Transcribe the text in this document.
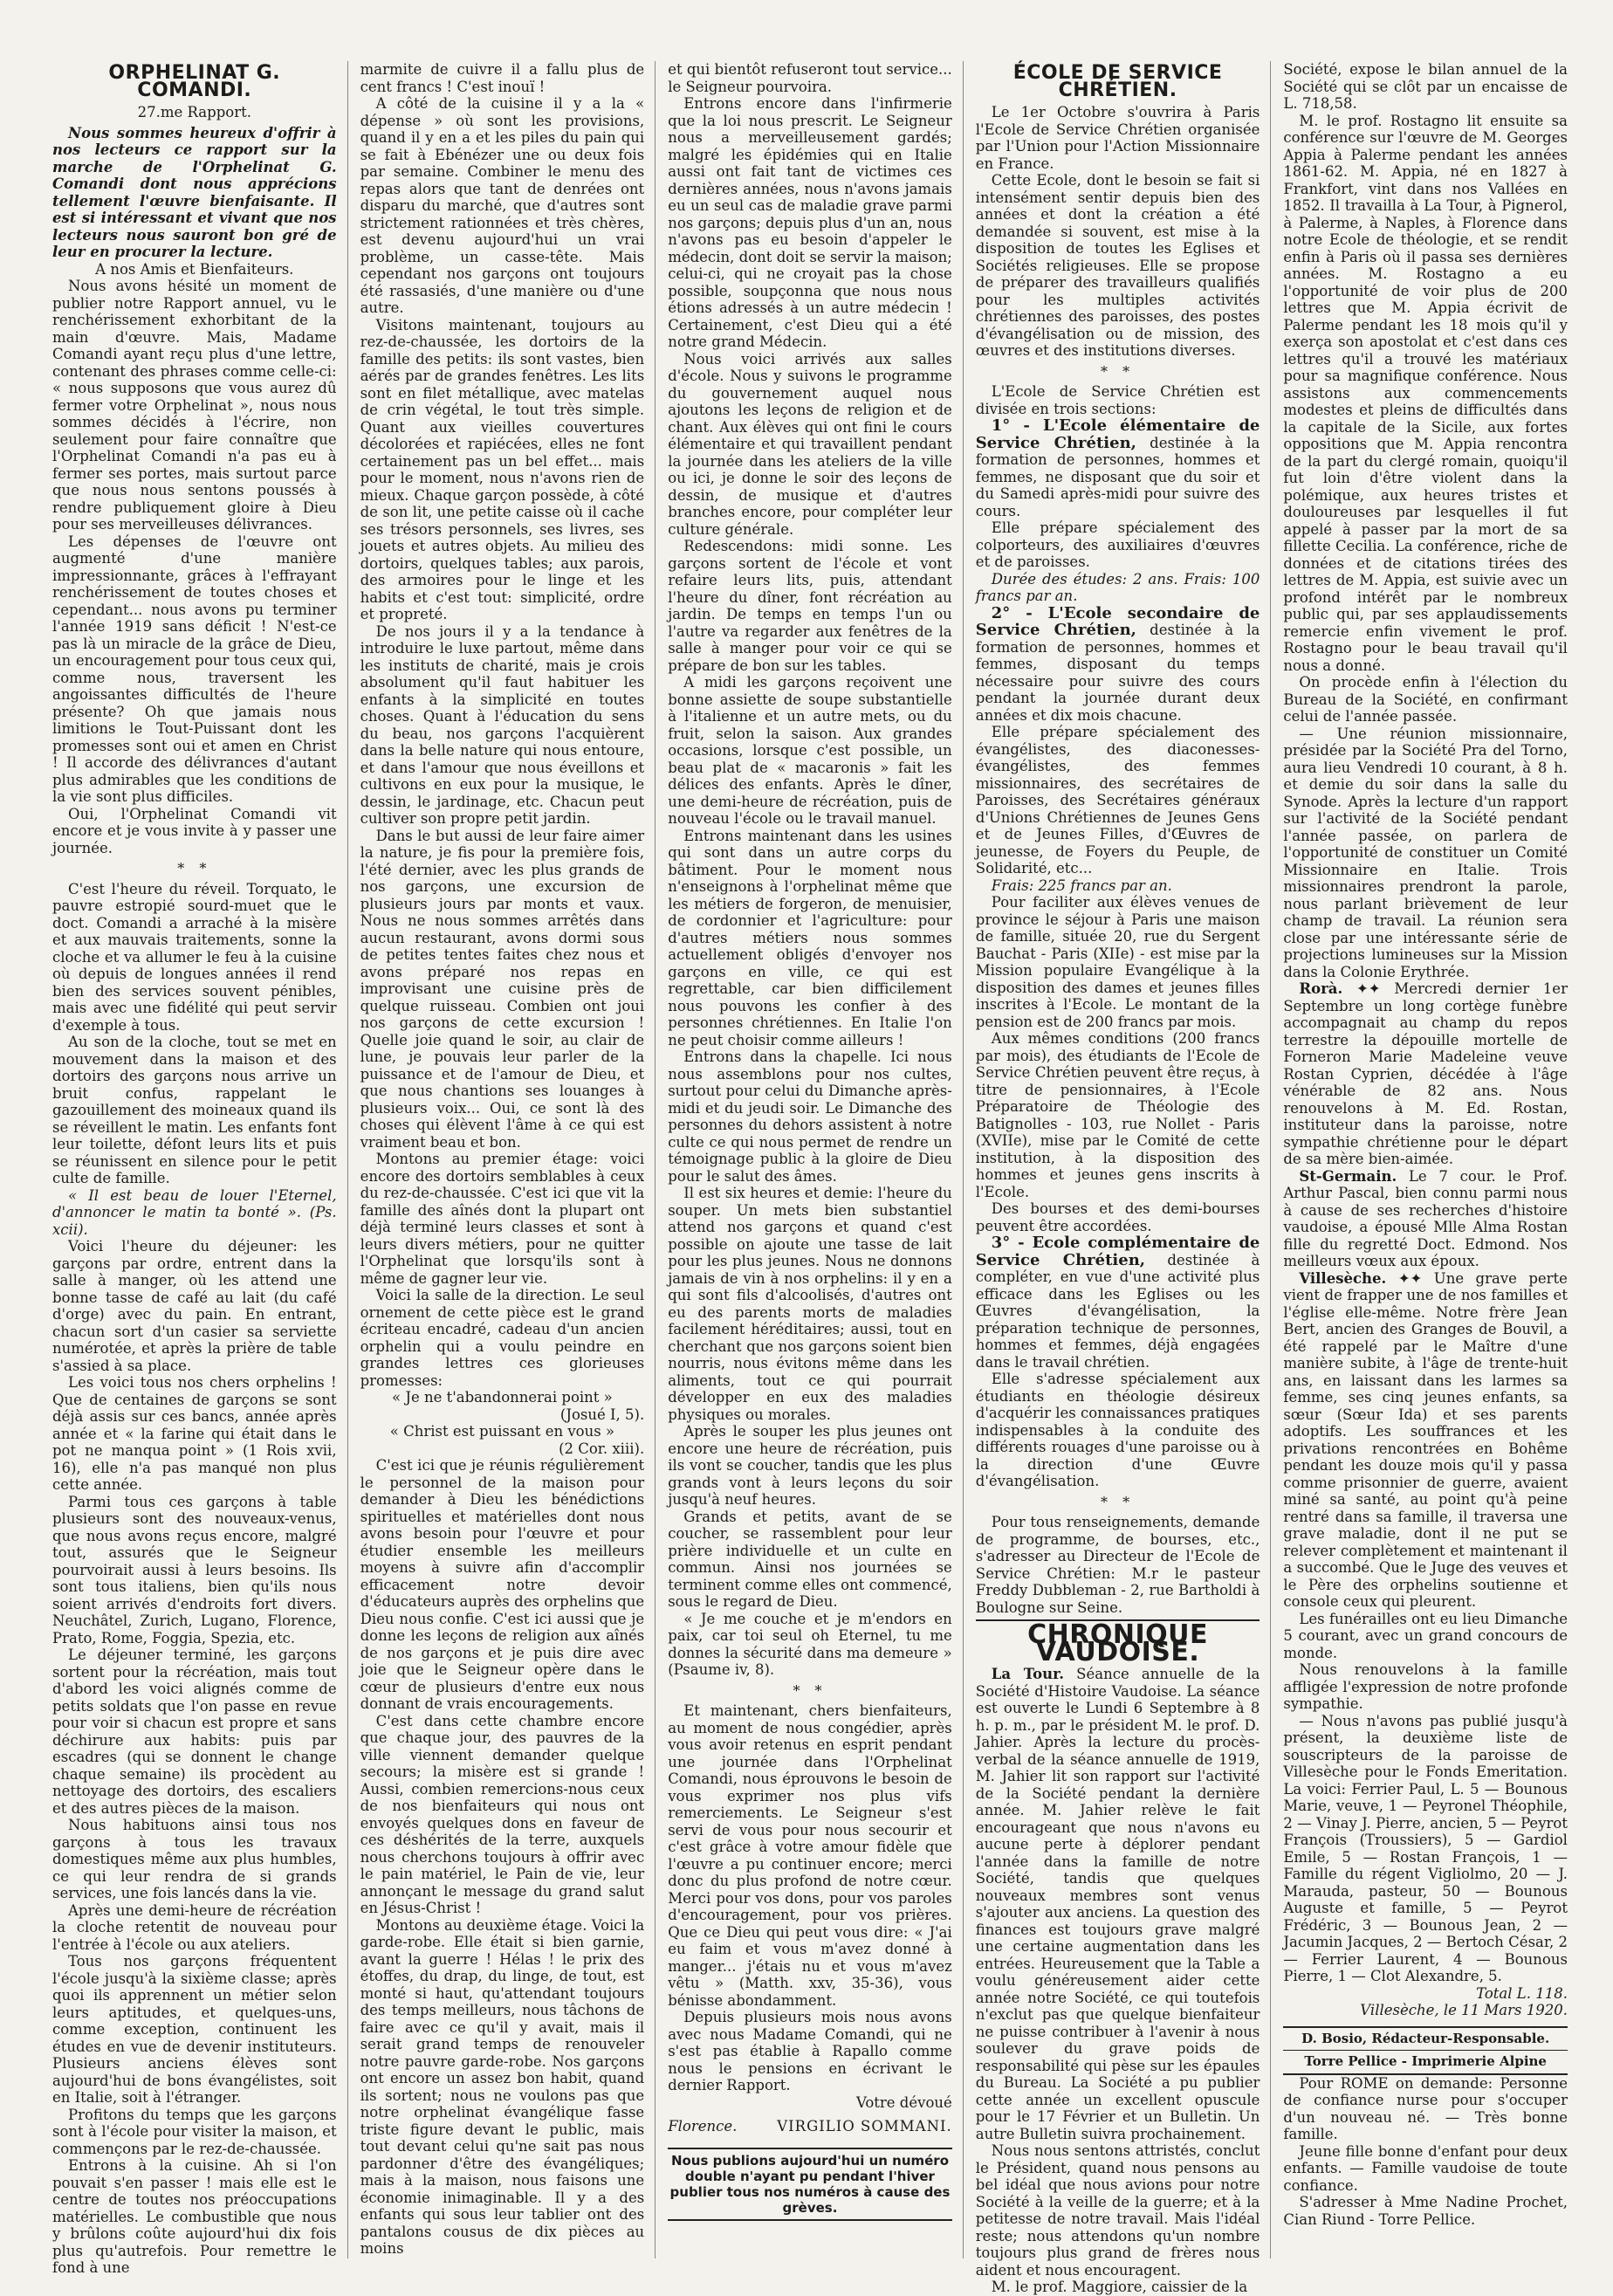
ORPHELINAT G. COMANDI.
27.me Rapport.

Nous sommes heureux d'offrir à nos lecteurs ce rapport sur la marche de l'Orphelinat G. Comandi dont nous apprécions tellement l'œuvre bienfaisante. Il est si intéressant et vivant que nos lecteurs nous sauront bon gré de leur en procurer la lecture.

A nos Amis et Bienfaiteurs.

Nous avons hésité un moment de publier notre Rapport annuel, vu le renchérissement exhorbitant de la main d'œuvre. Mais, Madame Comandi ayant reçu plus d'une lettre, contenant des phrases comme celle-ci: « nous supposons que vous aurez dû fermer votre Orphelinat », nous nous sommes décidés à l'écrire, non seulement pour faire connaître que l'Orphelinat Comandi n'a pas eu à fermer ses portes, mais surtout parce que nous nous sentons poussés à rendre publiquement gloire à Dieu pour ses merveilleuses délivrances.

Les dépenses de l'œuvre ont augmenté d'une manière impressionnante, grâces à l'effrayant renchérissement de toutes choses et cependant... nous avons pu terminer l'année 1919 sans déficit ! N'est-ce pas là un miracle de la grâce de Dieu, un encouragement pour tous ceux qui, comme nous, traversent les angoissantes difficultés de l'heure présente? Oh que jamais nous limitions le Tout-Puissant dont les promesses sont oui et amen en Christ ! Il accorde des délivrances d'autant plus admirables que les conditions de la vie sont plus difficiles.

Oui, l'Orphelinat Comandi vit encore et je vous invite à y passer une journée.

* *

C'est l'heure du réveil. Torquato, le pauvre estropié sourd-muet que le doct. Comandi a arraché à la misère et aux mauvais traitements, sonne la cloche et va allumer le feu à la cuisine où depuis de longues années il rend bien des services souvent pénibles, mais avec une fidélité qui peut servir d'exemple à tous.

Au son de la cloche, tout se met en mouvement dans la maison et des dortoirs des garçons nous arrive un bruit confus, rappelant le gazouillement des moineaux quand ils se réveillent le matin. Les enfants font leur toilette, défont leurs lits et puis se réunissent en silence pour le petit culte de famille.

« Il est beau de louer l'Eternel, d'annoncer le matin ta bonté ». (Ps. xcii).

Voici l'heure du déjeuner: les garçons par ordre, entrent dans la salle à manger, où les attend une bonne tasse de café au lait (du café d'orge) avec du pain. En entrant, chacun sort d'un casier sa serviette numérotée, et après la prière de table s'assied à sa place.

Les voici tous nos chers orphelins ! Que de centaines de garçons se sont déjà assis sur ces bancs, année après année et « la farine qui était dans le pot ne manqua point » (1 Rois xvii, 16), elle n'a pas manqué non plus cette année.

Parmi tous ces garçons à table plusieurs sont des nouveaux-venus, que nous avons reçus encore, malgré tout, assurés que le Seigneur pourvoirait aussi à leurs besoins. Ils sont tous italiens, bien qu'ils nous soient arrivés d'endroits fort divers. Neuchâtel, Zurich, Lugano, Florence, Prato, Rome, Foggia, Spezia, etc.

Le déjeuner terminé, les garçons sortent pour la récréation, mais tout d'abord les voici alignés comme de petits soldats que l'on passe en revue pour voir si chacun est propre et sans déchirure aux habits: puis par escadres (qui se donnent le change chaque semaine) ils procèdent au nettoyage des dortoirs, des escaliers et des autres pièces de la maison.

Nous habituons ainsi tous nos garçons à tous les travaux domestiques même aux plus humbles, ce qui leur rendra de si grands services, une fois lancés dans la vie.

Après une demi-heure de récréation la cloche retentit de nouveau pour l'entrée à l'école ou aux ateliers.

Tous nos garçons fréquentent l'école jusqu'à la sixième classe; après quoi ils apprennent un métier selon leurs aptitudes, et quelques-uns, comme exception, continuent les études en vue de devenir instituteurs. Plusieurs anciens élèves sont aujourd'hui de bons évangélistes, soit en Italie, soit à l'étranger.

Profitons du temps que les garçons sont à l'école pour visiter la maison, et commençons par le rez-de-chaussée.

Entrons à la cuisine. Ah si l'on pouvait s'en passer ! mais elle est le centre de toutes nos préoccupations matérielles. Le combustible que nous y brûlons coûte aujourd'hui dix fois plus qu'autrefois. Pour remettre le fond à une

marmite de cuivre il a fallu plus de cent francs ! C'est inouï !

A côté de la cuisine il y a la « dépense » où sont les provisions, quand il y en a et les piles du pain qui se fait à Ebénézer une ou deux fois par semaine. Combiner le menu des repas alors que tant de denrées ont disparu du marché, que d'autres sont strictement rationnées et très chères, est devenu aujourd'hui un vrai problème, un casse-tête. Mais cependant nos garçons ont toujours été rassasiés, d'une manière ou d'une autre.

Visitons maintenant, toujours au rez-de-chaussée, les dortoirs de la famille des petits: ils sont vastes, bien aérés par de grandes fenêtres. Les lits sont en filet métallique, avec matelas de crin végétal, le tout très simple. Quant aux vieilles couvertures décolorées et rapiécées, elles ne font certainement pas un bel effet... mais pour le moment, nous n'avons rien de mieux. Chaque garçon possède, à côté de son lit, une petite caisse où il cache ses trésors personnels, ses livres, ses jouets et autres objets. Au milieu des dortoirs, quelques tables; aux parois, des armoires pour le linge et les habits et c'est tout: simplicité, ordre et propreté.

De nos jours il y a la tendance à introduire le luxe partout, même dans les instituts de charité, mais je crois absolument qu'il faut habituer les enfants à la simplicité en toutes choses. Quant à l'éducation du sens du beau, nos garçons l'acquièrent dans la belle nature qui nous entoure, et dans l'amour que nous éveillons et cultivons en eux pour la musique, le dessin, le jardinage, etc. Chacun peut cultiver son propre petit jardin.

Dans le but aussi de leur faire aimer la nature, je fis pour la première fois, l'été dernier, avec les plus grands de nos garçons, une excursion de plusieurs jours par monts et vaux. Nous ne nous sommes arrêtés dans aucun restaurant, avons dormi sous de petites tentes faites chez nous et avons préparé nos repas en improvisant une cuisine près de quelque ruisseau. Combien ont joui nos garçons de cette excursion ! Quelle joie quand le soir, au clair de lune, je pouvais leur parler de la puissance et de l'amour de Dieu, et que nous chantions ses louanges à plusieurs voix... Oui, ce sont là des choses qui élèvent l'âme à ce qui est vraiment beau et bon.

Montons au premier étage: voici encore des dortoirs semblables à ceux du rez-de-chaussée. C'est ici que vit la famille des aînés dont la plupart ont déjà terminé leurs classes et sont à leurs divers métiers, pour ne quitter l'Orphelinat que lorsqu'ils sont à même de gagner leur vie.

Voici la salle de la direction. Le seul ornement de cette pièce est le grand écriteau encadré, cadeau d'un ancien orphelin qui a voulu peindre en grandes lettres ces glorieuses promesses:

« Je ne t'abandonnerai point »

(Josué I, 5).

« Christ est puissant en vous »

(2 Cor. xiii).

C'est ici que je réunis régulièrement le personnel de la maison pour demander à Dieu les bénédictions spirituelles et matérielles dont nous avons besoin pour l'œuvre et pour étudier ensemble les meilleurs moyens à suivre afin d'accomplir efficacement notre devoir d'éducateurs auprès des orphelins que Dieu nous confie. C'est ici aussi que je donne les leçons de religion aux aînés de nos garçons et je puis dire avec joie que le Seigneur opère dans le cœur de plusieurs d'entre eux nous donnant de vrais encouragements.

C'est dans cette chambre encore que chaque jour, des pauvres de la ville viennent demander quelque secours; la misère est si grande ! Aussi, combien remercions-nous ceux de nos bienfaiteurs qui nous ont envoyés quelques dons en faveur de ces déshérités de la terre, auxquels nous cherchons toujours à offrir avec le pain matériel, le Pain de vie, leur annonçant le message du grand salut en Jésus-Christ !

Montons au deuxième étage. Voici la garde-robe. Elle était si bien garnie, avant la guerre ! Hélas ! le prix des étoffes, du drap, du linge, de tout, est monté si haut, qu'attendant toujours des temps meilleurs, nous tâchons de faire avec ce qu'il y avait, mais il serait grand temps de renouveler notre pauvre garde-robe. Nos garçons ont encore un assez bon habit, quand ils sortent; nous ne voulons pas que notre orphelinat évangélique fasse triste figure devant le public, mais tout devant celui qu'ne sait pas nous pardonner d'être des évangéliques; mais à la maison, nous faisons une économie inimaginable. Il y a des enfants qui sous leur tablier ont des pantalons cousus de dix pièces au moins

et qui bientôt refuseront tout service... le Seigneur pourvoira.

Entrons encore dans l'infirmerie que la loi nous prescrit. Le Seigneur nous a merveilleusement gardés; malgré les épidémies qui en Italie aussi ont fait tant de victimes ces dernières années, nous n'avons jamais eu un seul cas de maladie grave parmi nos garçons; depuis plus d'un an, nous n'avons pas eu besoin d'appeler le médecin, dont doit se servir la maison; celui-ci, qui ne croyait pas la chose possible, soupçonna que nous nous étions adressés à un autre médecin ! Certainement, c'est Dieu qui a été notre grand Médecin.

Nous voici arrivés aux salles d'école. Nous y suivons le programme du gouvernement auquel nous ajoutons les leçons de religion et de chant. Aux élèves qui ont fini le cours élémentaire et qui travaillent pendant la journée dans les ateliers de la ville ou ici, je donne le soir des leçons de dessin, de musique et d'autres branches encore, pour compléter leur culture générale.

Redescendons: midi sonne. Les garçons sortent de l'école et vont refaire leurs lits, puis, attendant l'heure du dîner, font récréation au jardin. De temps en temps l'un ou l'autre va regarder aux fenêtres de la salle à manger pour voir ce qui se prépare de bon sur les tables.

A midi les garçons reçoivent une bonne assiette de soupe substantielle à l'italienne et un autre mets, ou du fruit, selon la saison. Aux grandes occasions, lorsque c'est possible, un beau plat de « macaronis » fait les délices des enfants. Après le dîner, une demi-heure de récréation, puis de nouveau l'école ou le travail manuel.

Entrons maintenant dans les usines qui sont dans un autre corps du bâtiment. Pour le moment nous n'enseignons à l'orphelinat même que les métiers de forgeron, de menuisier, de cordonnier et l'agriculture: pour d'autres métiers nous sommes actuellement obligés d'envoyer nos garçons en ville, ce qui est regrettable, car bien difficilement nous pouvons les confier à des personnes chrétiennes. En Italie l'on ne peut choisir comme ailleurs !

Entrons dans la chapelle. Ici nous nous assemblons pour nos cultes, surtout pour celui du Dimanche après-midi et du jeudi soir. Le Dimanche des personnes du dehors assistent à notre culte ce qui nous permet de rendre un témoignage public à la gloire de Dieu pour le salut des âmes.

Il est six heures et demie: l'heure du souper. Un mets bien substantiel attend nos garçons et quand c'est possible on ajoute une tasse de lait pour les plus jeunes. Nous ne donnons jamais de vin à nos orphelins: il y en a qui sont fils d'alcoolisés, d'autres ont eu des parents morts de maladies facilement héréditaires; aussi, tout en cherchant que nos garçons soient bien nourris, nous évitons même dans les aliments, tout ce qui pourrait développer en eux des maladies physiques ou morales.

Après le souper les plus jeunes ont encore une heure de récréation, puis ils vont se coucher, tandis que les plus grands vont à leurs leçons du soir jusqu'à neuf heures.

Grands et petits, avant de se coucher, se rassemblent pour leur prière individuelle et un culte en commun. Ainsi nos journées se terminent comme elles ont commencé, sous le regard de Dieu.

« Je me couche et je m'endors en paix, car toi seul oh Eternel, tu me donnes la sécurité dans ma demeure » (Psaume iv, 8).

* *

Et maintenant, chers bienfaiteurs, au moment de nous congédier, après vous avoir retenus en esprit pendant une journée dans l'Orphelinat Comandi, nous éprouvons le besoin de vous exprimer nos plus vifs remerciements. Le Seigneur s'est servi de vous pour nous secourir et c'est grâce à votre amour fidèle que l'œuvre a pu continuer encore; merci donc du plus profond de notre cœur. Merci pour vos dons, pour vos paroles d'encouragement, pour vos prières. Que ce Dieu qui peut vous dire: « J'ai eu faim et vous m'avez donné à manger... j'étais nu et vous m'avez vêtu » (Matth. xxv, 35-36), vous bénisse abondamment.

Depuis plusieurs mois nous avons avec nous Madame Comandi, qui ne s'est pas établie à Rapallo comme nous le pensions en écrivant le dernier Rapport.

Votre dévoué

Florence.	VIRGILIO SOMMANI.
Nous publions aujourd'hui un numéro double n'ayant pu pendant l'hiver publier tous nos numéros à cause des grèves.
ÉCOLE DE SERVICE CHRÉTIEN.

Le 1er Octobre s'ouvrira à Paris l'Ecole de Service Chrétien organisée par l'Union pour l'Action Missionnaire en France.

Cette Ecole, dont le besoin se fait si intensément sentir depuis bien des années et dont la création a été demandée si souvent, est mise à la disposition de toutes les Eglises et Sociétés religieuses. Elle se propose de préparer des travailleurs qualifiés pour les multiples activités chrétiennes des paroisses, des postes d'évangélisation ou de mission, des œuvres et des institutions diverses.

* *

L'Ecole de Service Chrétien est divisée en trois sections:

1° - L'Ecole élémentaire de Service Chrétien, destinée à la formation de personnes, hommes et femmes, ne disposant que du soir et du Samedi après-midi pour suivre des cours.

Elle prépare spécialement des colporteurs, des auxiliaires d'œuvres et de paroisses.

Durée des études: 2 ans. Frais: 100 francs par an.

2° - L'Ecole secondaire de Service Chrétien, destinée à la formation de personnes, hommes et femmes, disposant du temps nécessaire pour suivre des cours pendant la journée durant deux années et dix mois chacune.

Elle prépare spécialement des évangélistes, des diaconesses-évangélistes, des femmes missionnaires, des secrétaires de Paroisses, des Secrétaires généraux d'Unions Chrétiennes de Jeunes Gens et de Jeunes Filles, d'Œuvres de jeunesse, de Foyers du Peuple, de Solidarité, etc...

Frais: 225 francs par an.

Pour faciliter aux élèves venues de province le séjour à Paris une maison de famille, située 20, rue du Sergent Bauchat - Paris (XIIe) - est mise par la Mission populaire Evangélique à la disposition des dames et jeunes filles inscrites à l'Ecole. Le montant de la pension est de 200 francs par mois.

Aux mêmes conditions (200 francs par mois), des étudiants de l'Ecole de Service Chrétien peuvent être reçus, à titre de pensionnaires, à l'Ecole Préparatoire de Théologie des Batignolles - 103, rue Nollet - Paris (XVIIe), mise par le Comité de cette institution, à la disposition des hommes et jeunes gens inscrits à l'Ecole.

Des bourses et des demi-bourses peuvent être accordées.

3° - Ecole complémentaire de Service Chrétien, destinée à compléter, en vue d'une activité plus efficace dans les Eglises ou les Œuvres d'évangélisation, la préparation technique de personnes, hommes et femmes, déjà engagées dans le travail chrétien.

Elle s'adresse spécialement aux étudiants en théologie désireux d'acquérir les connaissances pratiques indispensables à la conduite des différents rouages d'une paroisse ou à la direction d'une Œuvre d'évangélisation.

* *

Pour tous renseignements, demande de programme, de bourses, etc., s'adresser au Directeur de l'Ecole de Service Chrétien: M.r le pasteur Freddy Dubbleman - 2, rue Bartholdi à Boulogne sur Seine.

CHRONIQUE VAUDOISE.

La Tour. Séance annuelle de la Société d'Histoire Vaudoise. La séance est ouverte le Lundi 6 Septembre à 8 h. p. m., par le président M. le prof. D. Jahier. Après la lecture du procès-verbal de la séance annuelle de 1919, M. Jahier lit son rapport sur l'activité de la Société pendant la dernière année. M. Jahier relève le fait encourageant que nous n'avons eu aucune perte à déplorer pendant l'année dans la famille de notre Société, tandis que quelques nouveaux membres sont venus s'ajouter aux anciens. La question des finances est toujours grave malgré une certaine augmentation dans les entrées. Heureusement que la Table a voulu généreusement aider cette année notre Société, ce qui toutefois n'exclut pas que quelque bienfaiteur ne puisse contribuer à l'avenir à nous soulever du grave poids de responsabilité qui pèse sur les épaules du Bureau. La Société a pu publier cette année un excellent opuscule pour le 17 Février et un Bulletin. Un autre Bulletin suivra prochainement.

Nous nous sentons attristés, conclut le Président, quand nous pensons au bel idéal que nous avions pour notre Société à la veille de la guerre; et à la petitesse de notre travail. Mais l'idéal reste; nous attendons qu'un nombre toujours plus grand de frères nous aident et nous encouragent.

M. le prof. Maggiore, caissier de la

Société, expose le bilan annuel de la Société qui se clôt par un encaisse de L. 718,58.

M. le prof. Rostagno lit ensuite sa conférence sur l'œuvre de M. Georges Appia à Palerme pendant les années 1861-62. M. Appia, né en 1827 à Frankfort, vint dans nos Vallées en 1852. Il travailla à La Tour, à Pignerol, à Palerme, à Naples, à Florence dans notre Ecole de théologie, et se rendit enfin à Paris où il passa ses dernières années. M. Rostagno a eu l'opportunité de voir plus de 200 lettres que M. Appia écrivit de Palerme pendant les 18 mois qu'il y exerça son apostolat et c'est dans ces lettres qu'il a trouvé les matériaux pour sa magnifique conférence. Nous assistons aux commencements modestes et pleins de difficultés dans la capitale de la Sicile, aux fortes oppositions que M. Appia rencontra de la part du clergé romain, quoiqu'il fut loin d'être violent dans la polémique, aux heures tristes et douloureuses par lesquelles il fut appelé à passer par la mort de sa fillette Cecilia. La conférence, riche de données et de citations tirées des lettres de M. Appia, est suivie avec un profond intérêt par le nombreux public qui, par ses applaudissements remercie enfin vivement le prof. Rostagno pour le beau travail qu'il nous a donné.

On procède enfin à l'élection du Bureau de la Société, en confirmant celui de l'année passée.

— Une réunion missionnaire, présidée par la Société Pra del Torno, aura lieu Vendredi 10 courant, à 8 h. et demie du soir dans la salle du Synode. Après la lecture d'un rapport sur l'activité de la Société pendant l'année passée, on parlera de l'opportunité de constituer un Comité Missionnaire en Italie. Trois missionnaires prendront la parole, nous parlant brièvement de leur champ de travail. La réunion sera close par une intéressante série de projections lumineuses sur la Mission dans la Colonie Erythrée.

Rorà. ✦✦ Mercredi dernier 1er Septembre un long cortège funèbre accompagnait au champ du repos terrestre la dépouille mortelle de Forneron Marie Madeleine veuve Rostan Cyprien, décédée à l'âge vénérable de 82 ans. Nous renouvelons à M. Ed. Rostan, instituteur dans la paroisse, notre sympathie chrétienne pour le départ de sa mère bien-aimée.

St-Germain. Le 7 cour. le Prof. Arthur Pascal, bien connu parmi nous à cause de ses recherches d'histoire vaudoise, a épousé Mlle Alma Rostan fille du regretté Doct. Edmond. Nos meilleurs vœux aux époux.

Villesèche. ✦✦ Une grave perte vient de frapper une de nos familles et l'église elle-même. Notre frère Jean Bert, ancien des Granges de Bouvil, a été rappelé par le Maître d'une manière subite, à l'âge de trente-huit ans, en laissant dans les larmes sa femme, ses cinq jeunes enfants, sa sœur (Sœur Ida) et ses parents adoptifs. Les souffrances et les privations rencontrées en Bohême pendant les douze mois qu'il y passa comme prisonnier de guerre, avaient miné sa santé, au point qu'à peine rentré dans sa famille, il traversa une grave maladie, dont il ne put se relever complètement et maintenant il a succombé. Que le Juge des veuves et le Père des orphelins soutienne et console ceux qui pleurent.

Les funérailles ont eu lieu Dimanche 5 courant, avec un grand concours de monde.

Nous renouvelons à la famille affligée l'expression de notre profonde sympathie.

— Nous n'avons pas publié jusqu'à présent, la deuxième liste de souscripteurs de la paroisse de Villesèche pour le Fonds Emeritation. La voici: Ferrier Paul, L. 5 — Bounous Marie, veuve, 1 — Peyronel Théophile, 2 — Vinay J. Pierre, ancien, 5 — Peyrot François (Troussiers), 5 — Gardiol Emile, 5 — Rostan François, 1 — Famille du régent Vigliolmo, 20 — J. Marauda, pasteur, 50 — Bounous Auguste et famille, 5 — Peyrot Frédéric, 3 — Bounous Jean, 2 — Jacumin Jacques, 2 — Bertoch César, 2 — Ferrier Laurent, 4 — Bounous Pierre, 1 — Clot Alexandre, 5.

Total L. 118.

Villesèche, le 11 Mars 1920.

D. Bosio, Rédacteur-Responsable.
Torre Pellice - Imprimerie Alpine

Pour ROME on demande: Personne de confiance nurse pour s'occuper d'un nouveau né. — Très bonne famille.

Jeune fille bonne d'enfant pour deux enfants. — Famille vaudoise de toute confiance.

S'adresser à Mme Nadine Prochet, Cian Riund - Torre Pellice.
